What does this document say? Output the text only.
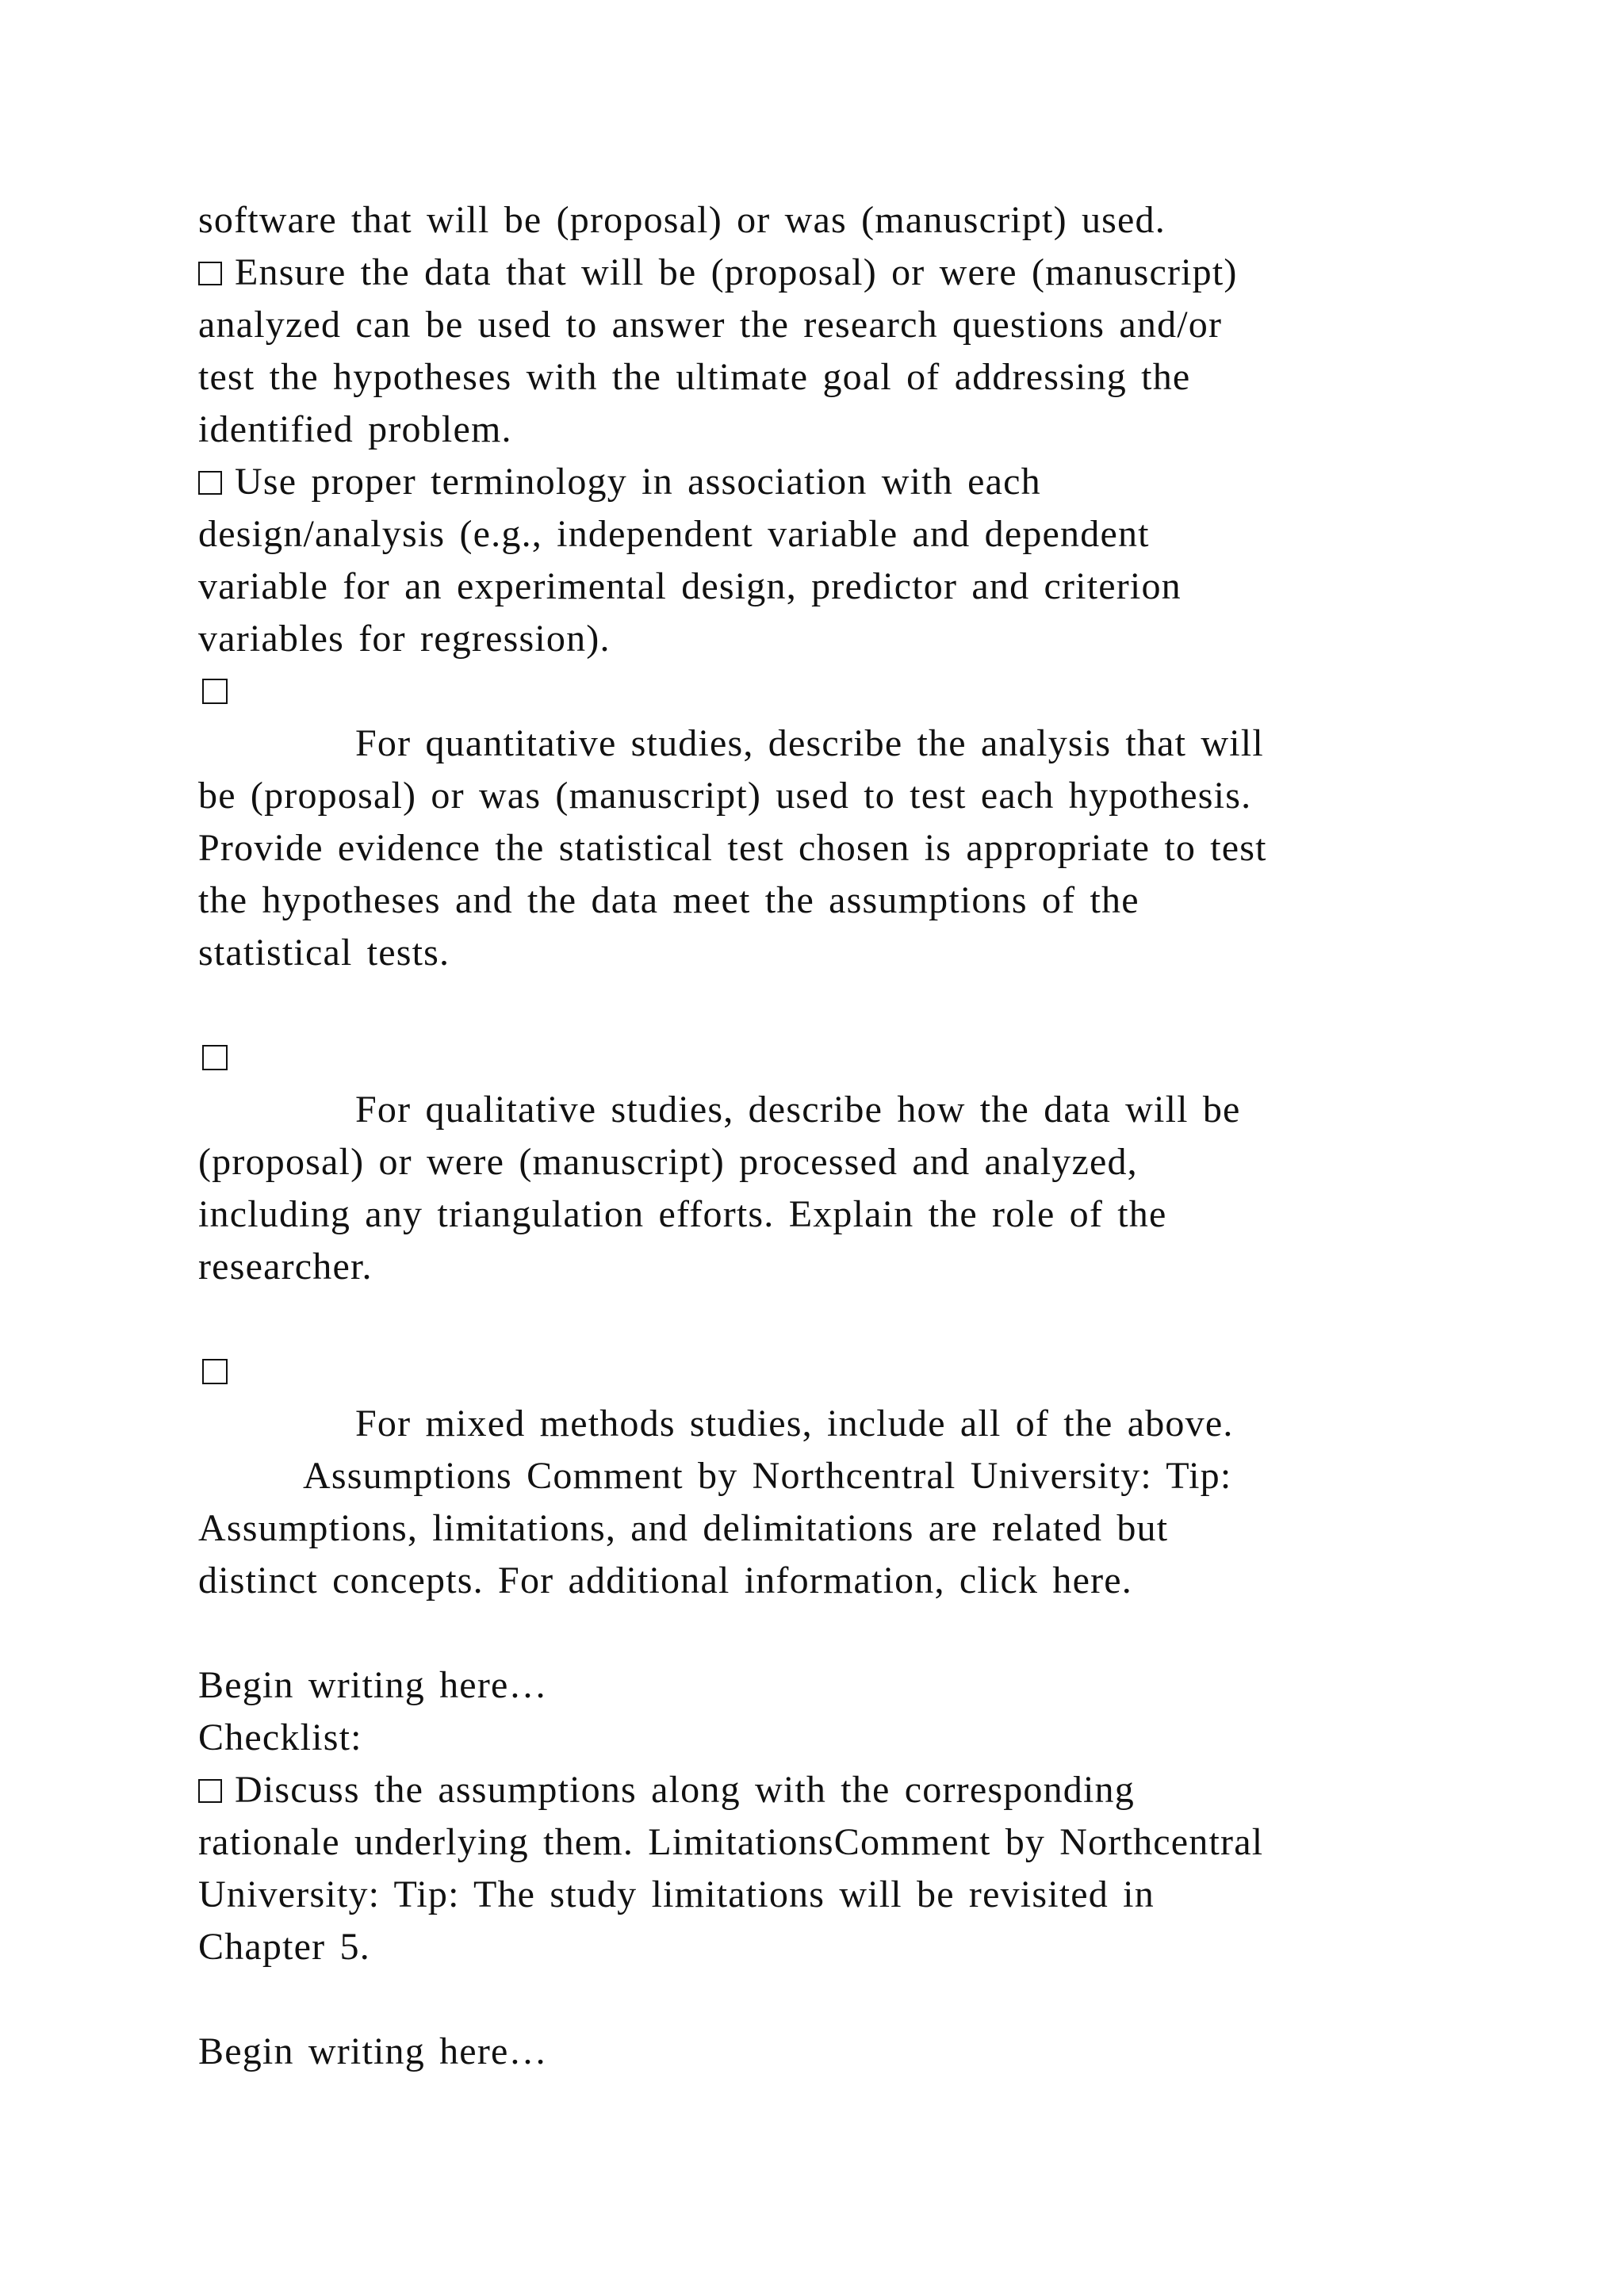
software that will be (proposal) or was (manuscript) used.
Ensure the data that will be (proposal) or were (manuscript)
analyzed can be used to answer the research questions and/or
test the hypotheses with the ultimate goal of addressing the
identified problem.
Use proper terminology in association with each
design/analysis (e.g., independent variable and dependent
variable for an experimental design, predictor and criterion
variables for regression).
For quantitative studies, describe the analysis that will
be (proposal) or was (manuscript) used to test each hypothesis.
Provide evidence the statistical test chosen is appropriate to test
the hypotheses and the data meet the assumptions of the
statistical tests.
For qualitative studies, describe how the data will be
(proposal) or were (manuscript) processed and analyzed,
including any triangulation efforts. Explain the role of the
researcher.
For mixed methods studies, include all of the above.
Assumptions Comment by Northcentral University: Tip:
Assumptions, limitations, and delimitations are related but
distinct concepts. For additional information, click here.
Begin writing here…
Checklist:
Discuss the assumptions along with the corresponding
rationale underlying them. LimitationsComment by Northcentral
University: Tip: The study limitations will be revisited in
Chapter 5.
Begin writing here…
